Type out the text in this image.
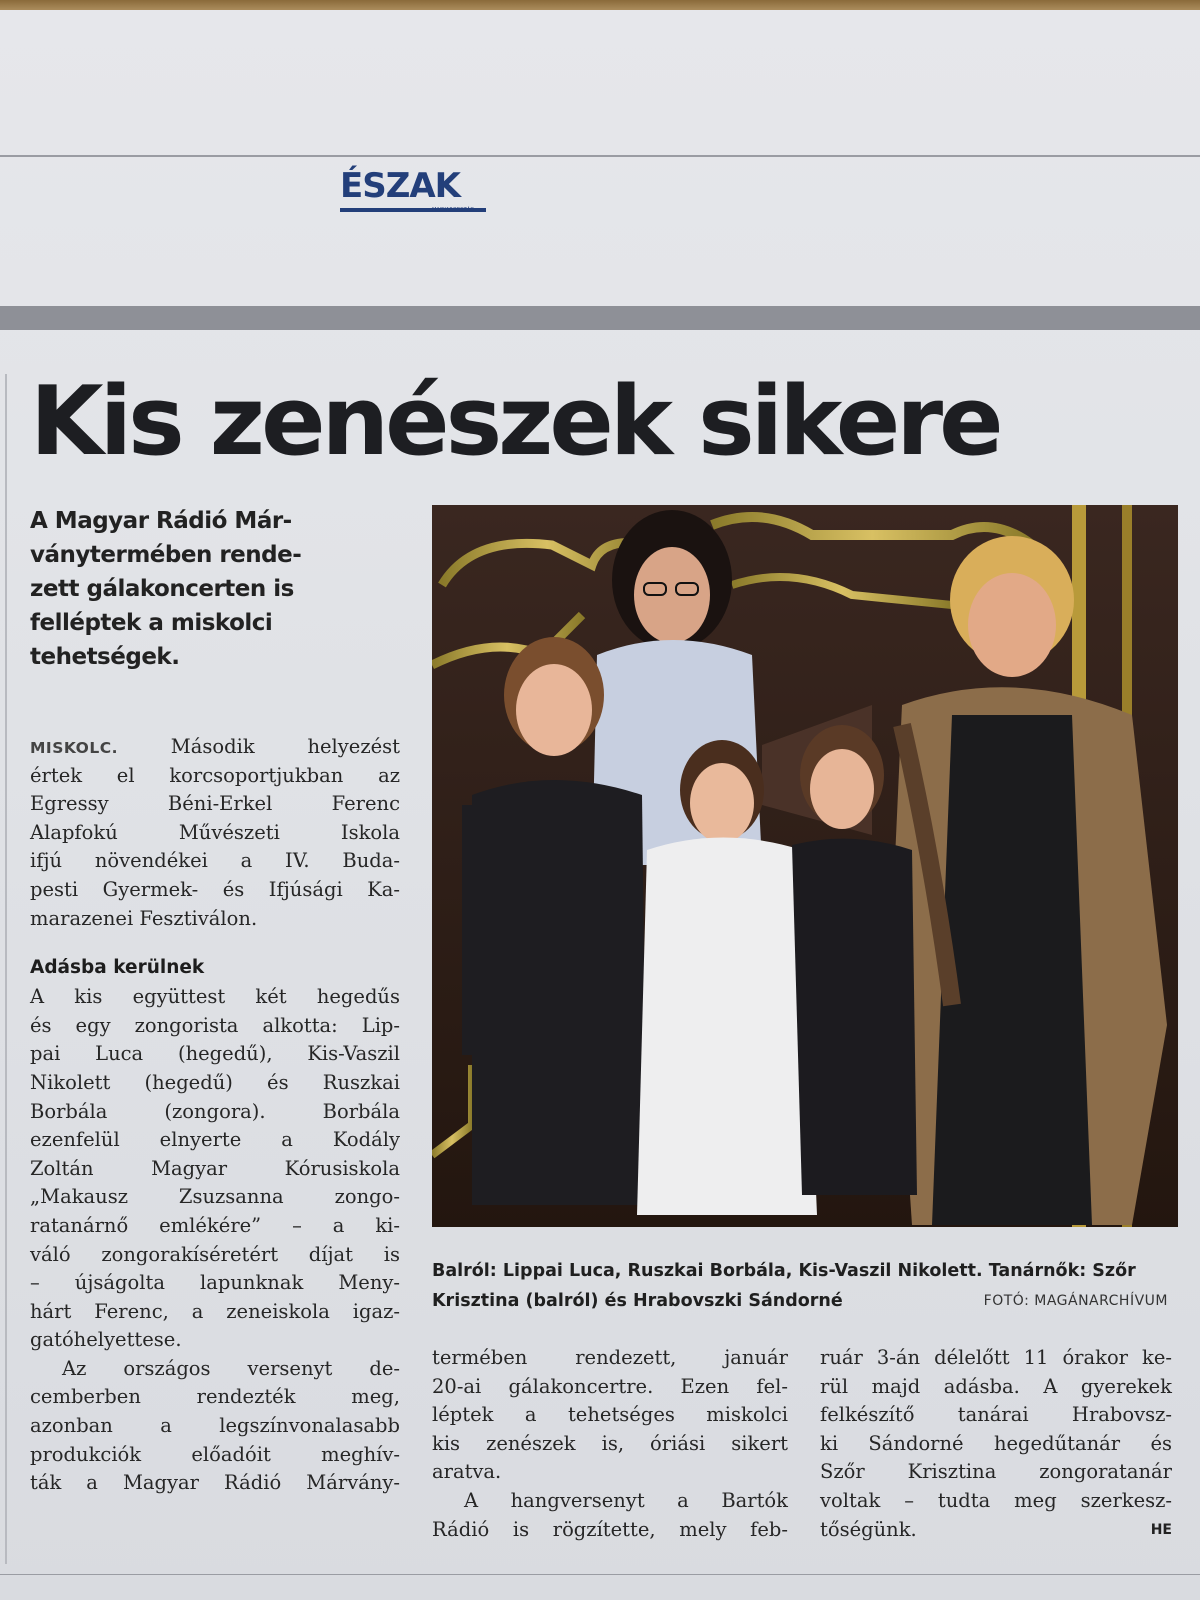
ÉSZAK
MAGYARORSZÁG
Kis zenészek sikere
A Magyar Rádió Már-
ványtermében rende-
zett gálakoncerten is
felléptek a miskolci
tehetségek.
MISKOLC.	Második helyezést
értek el korcsoportjukban az
Egressy Béni-Erkel Ferenc
Alapfokú Művészeti Iskola
ifjú növendékei a IV. Buda-
pesti Gyermek- és Ifjúsági Ka-
marazenei Fesztiválon.
Adásba kerülnek
A kis együttest két hegedűs
és egy zongorista alkotta: Lip-
pai Luca (hegedű), Kis-Vaszil
Nikolett (hegedű) és Ruszkai
Borbála (zongora). Borbála
ezenfelül elnyerte a Kodály
Zoltán Magyar Kórusiskola
„Makausz Zsuzsanna zongo-
ratanárnő emlékére” – a ki-
váló zongorakíséretért díjat is
– újságolta lapunknak Meny-
hárt Ferenc, a zeneiskola igaz-
gatóhelyettese.
Az országos versenyt de-
cemberben rendezték meg,
azonban a legszínvonalasabb
produkciók előadóit meghív-
ták a Magyar Rádió Márvány-
Balról: Lippai Luca, Ruszkai Borbála, Kis-Vaszil Nikolett. Tanárnők: Szőr
Krisztina (balról) és Hrabovszki Sándorné	FOTÓ: MAGÁNARCHÍVUM
termében rendezett, január
20-ai gálakoncertre. Ezen fel-
léptek a tehetséges miskolci
kis zenészek is, óriási sikert
aratva.
A hangversenyt a Bartók
Rádió is rögzítette, mely feb-
ruár 3-án délelőtt 11 órakor ke-
rül majd adásba. A gyerekek
felkészítő tanárai Hrabovsz-
ki Sándorné hegedűtanár és
Szőr Krisztina zongoratanár
voltak – tudta meg szerkesz-
tőségünk.	HE
